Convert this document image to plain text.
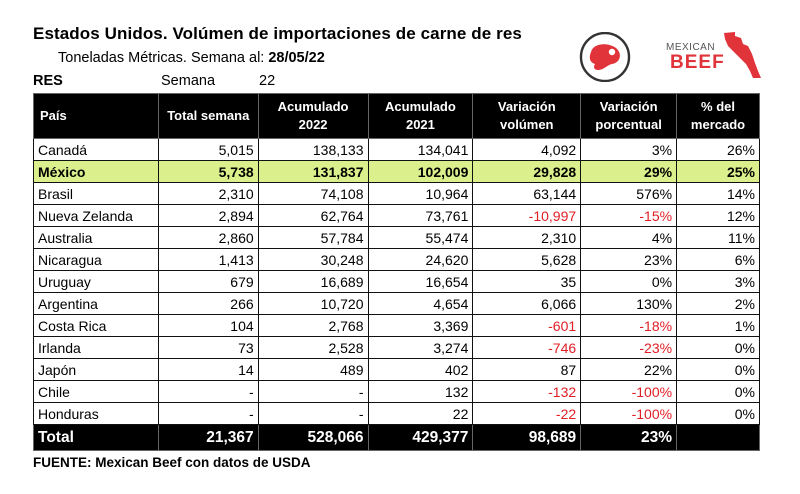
Estados Unidos. Volúmen de importaciones de carne de res
Toneladas Métricas. Semana al: 28/05/22
RES	Semana	22
MEXICAN
BEEF
País	Total semana	Acumulado 2022	Acumulado 2021	Variación volúmen	Variación porcentual	% del mercado
Canadá	5,015	138,133	134,041	4,092	3%	26%
México	5,738	131,837	102,009	29,828	29%	25%
Brasil	2,310	74,108	10,964	63,144	576%	14%
Nueva Zelanda	2,894	62,764	73,761	-10,997	-15%	12%
Australia	2,860	57,784	55,474	2,310	4%	11%
Nicaragua	1,413	30,248	24,620	5,628	23%	6%
Uruguay	679	16,689	16,654	35	0%	3%
Argentina	266	10,720	4,654	6,066	130%	2%
Costa Rica	104	2,768	3,369	-601	-18%	1%
Irlanda	73	2,528	3,274	-746	-23%	0%
Japón	14	489	402	87	22%	0%
Chile	-	-	132	-132	-100%	0%
Honduras	-	-	22	-22	-100%	0%
Total	21,367	528,066	429,377	98,689	23%	
FUENTE: Mexican Beef con datos de USDA
